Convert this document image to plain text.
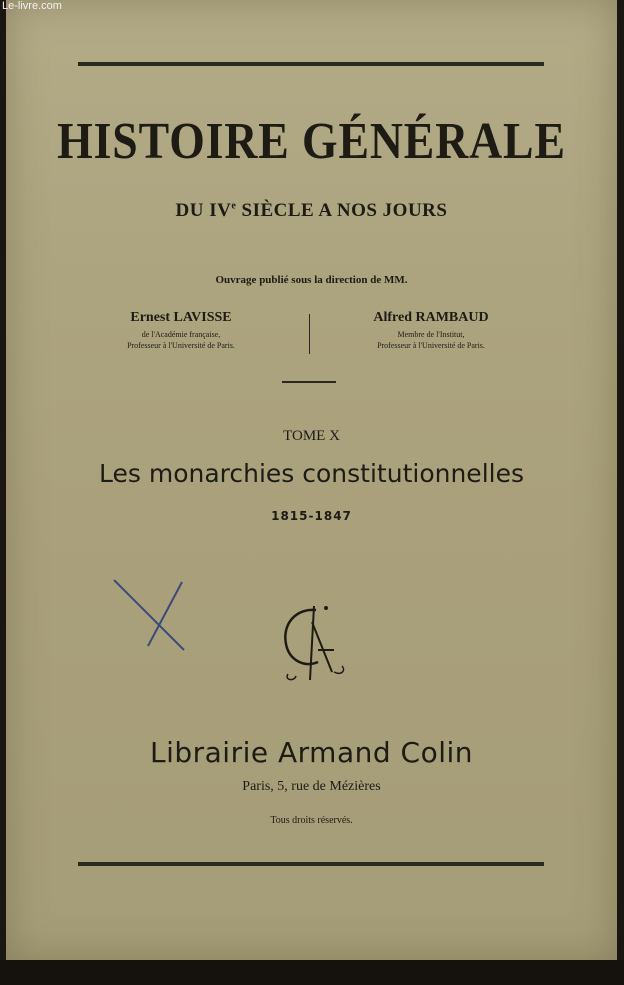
Le-livre.com
HISTOIRE GÉNÉRALE
DU IVe SIÈCLE A NOS JOURS
Ouvrage publié sous la direction de MM.
Ernest LAVISSE
de l'Académie française,
Professeur à l'Université de Paris.
Alfred RAMBAUD
Membre de l'Institut,
Professeur à l'Université de Paris.
TOME X
Les monarchies constitutionnelles
1815-1847
Librairie Armand Colin
Paris, 5, rue de Mézières
Tous droits réservés.
